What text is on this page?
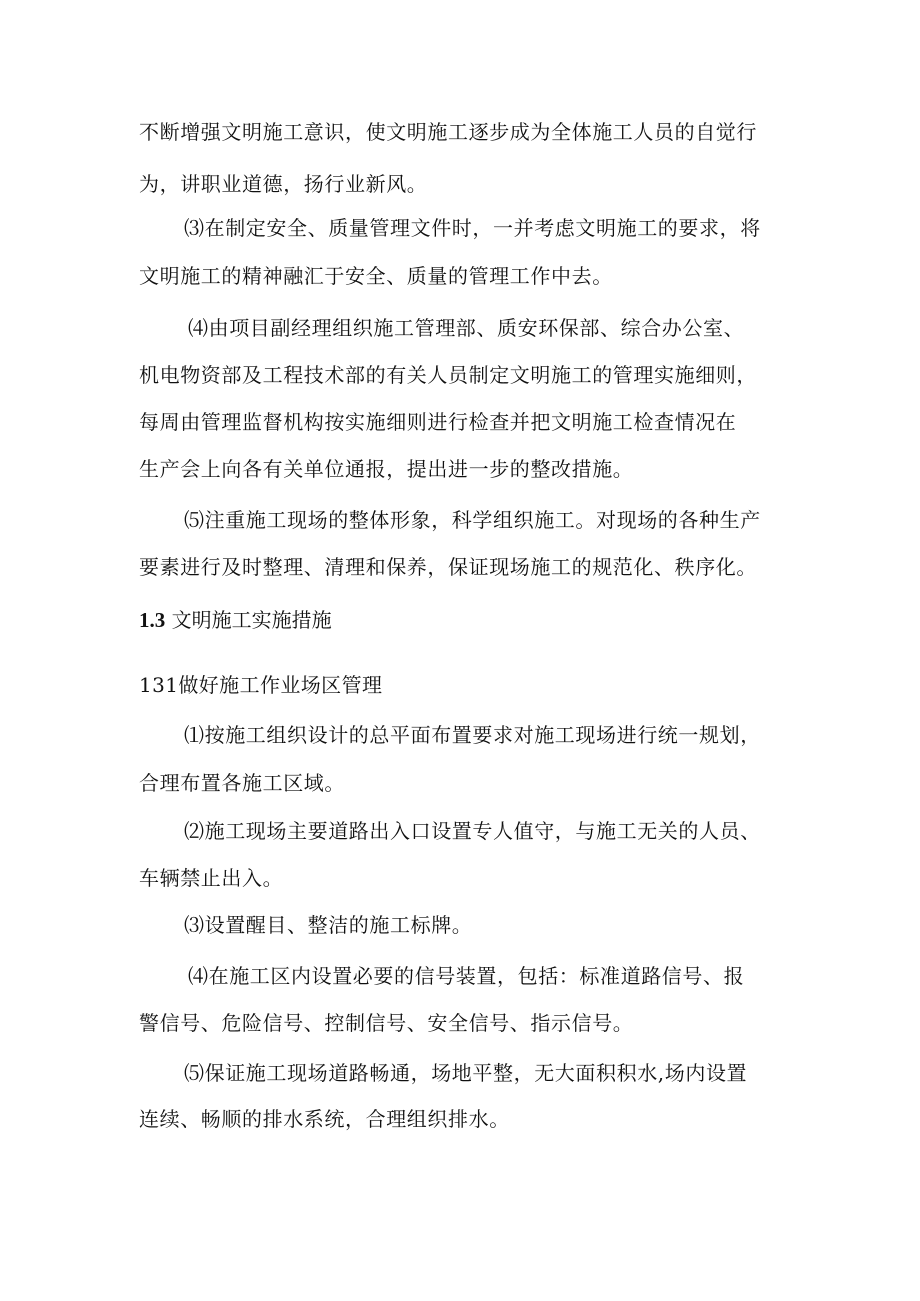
不断增强文明施工意识，使文明施工逐步成为全体施工人员的自觉行
为，讲职业道德，扬行业新风。
⑶在制定安全、质量管理文件时，一并考虑文明施工的要求，将
文明施工的精神融汇于安全、质量的管理工作中去。
⑷由项目副经理组织施工管理部、质安环保部、综合办公室、
机电物资部及工程技术部的有关人员制定文明施工的管理实施细则，
每周由管理监督机构按实施细则进行检查并把文明施工检查情况在
生产会上向各有关单位通报，提出进一步的整改措施。
⑸注重施工现场的整体形象，科学组织施工。对现场的各种生产
要素进行及时整理、清理和保养，保证现场施工的规范化、秩序化。
1.3 文明施工实施措施
131做好施工作业场区管理
⑴按施工组织设计的总平面布置要求对施工现场进行统一规划，
合理布置各施工区域。
⑵施工现场主要道路出入口设置专人值守，与施工无关的人员、
车辆禁止出入。
⑶设置醒目、整洁的施工标牌。
⑷在施工区内设置必要的信号装置，包括：标准道路信号、报
警信号、危险信号、控制信号、安全信号、指示信号。
⑸保证施工现场道路畅通，场地平整，无大面积积水,场内设置
连续、畅顺的排水系统，合理组织排水。
